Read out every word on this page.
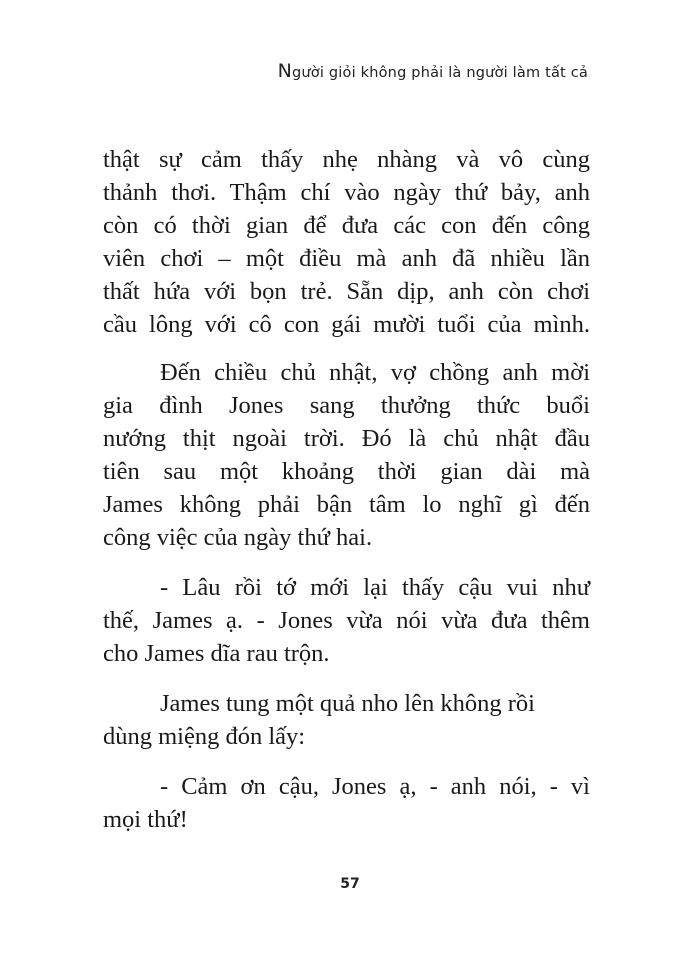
Người giỏi không phải là người làm tất cả
thật sự cảm thấy nhẹ nhàng và vô cùng
thảnh thơi. Thậm chí vào ngày thứ bảy, anh
còn có thời gian để đưa các con đến công
viên chơi – một điều mà anh đã nhiều lần
thất hứa với bọn trẻ. Sẵn dịp, anh còn chơi
cầu lông với cô con gái mười tuổi của mình.
Đến chiều chủ nhật, vợ chồng anh mời
gia đình Jones sang thưởng thức buổi
nướng thịt ngoài trời. Đó là chủ nhật đầu
tiên sau một khoảng thời gian dài mà
James không phải bận tâm lo nghĩ gì đến
công việc của ngày thứ hai.
- Lâu rồi tớ mới lại thấy cậu vui như
thế, James ạ. - Jones vừa nói vừa đưa thêm
cho James dĩa rau trộn.
James tung một quả nho lên không rồi
dùng miệng đón lấy:
- Cảm ơn cậu, Jones ạ, - anh nói, - vì
mọi thứ!
57
